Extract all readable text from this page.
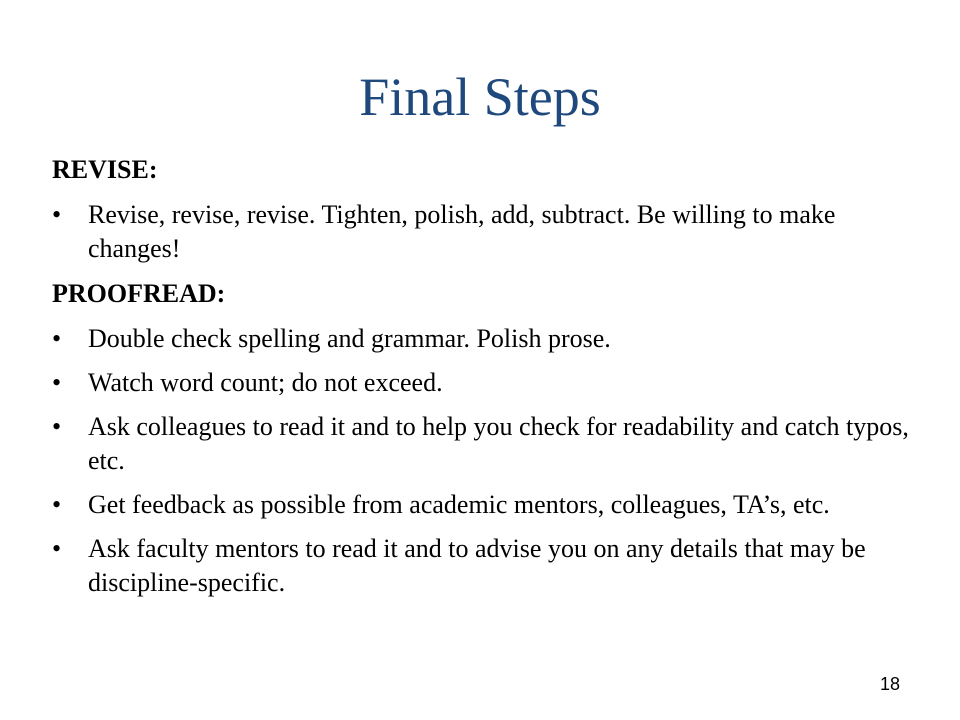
Final Steps
REVISE:
•	Revise, revise, revise. Tighten, polish, add, subtract. Be willing to make changes!
PROOFREAD:
•	Double check spelling and grammar. Polish prose.
•	Watch word count; do not exceed.
•	Ask colleagues to read it and to help you check for readability and catch typos, etc.
•	Get feedback as possible from academic mentors, colleagues, TA’s, etc.
•	Ask faculty mentors to read it and to advise you on any details that may be discipline-specific.
18
